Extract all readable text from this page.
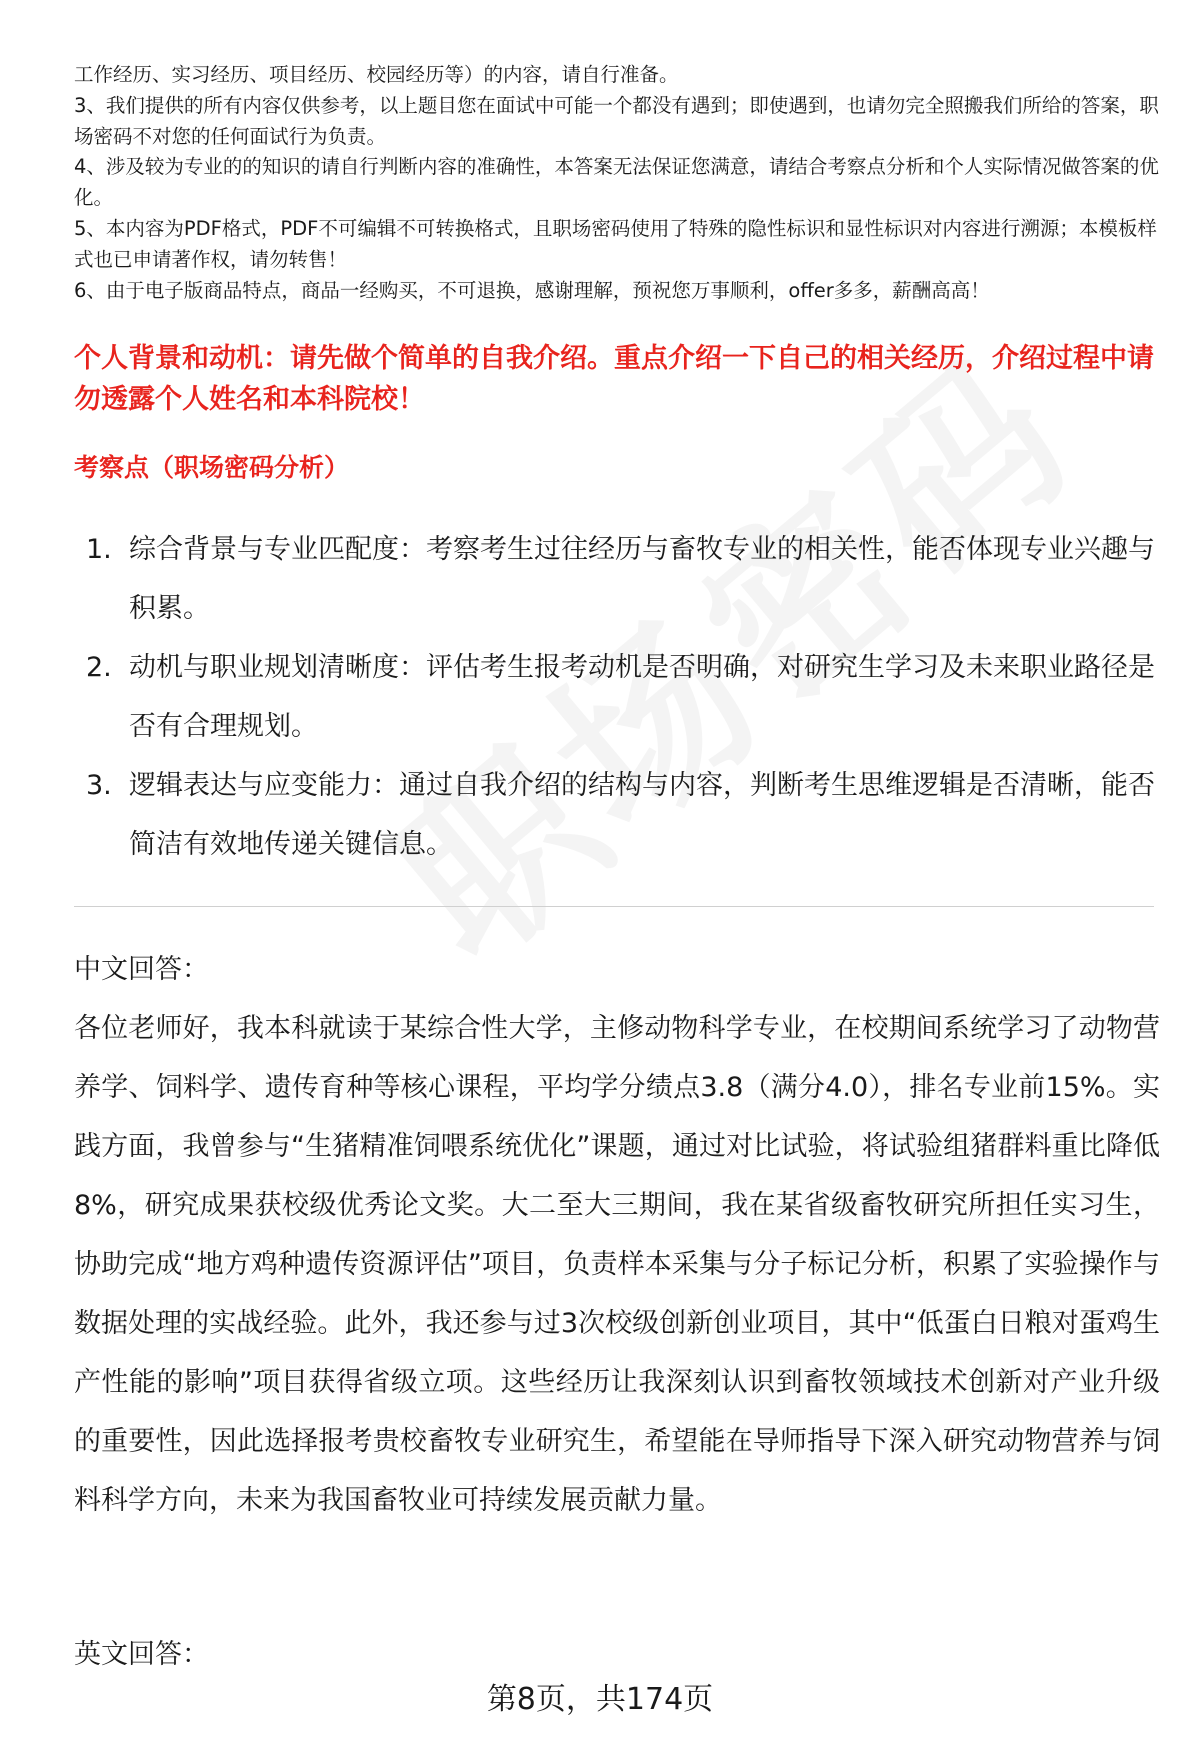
工作经历、实习经历、项目经历、校园经历等）的内容，请自行准备。

3、我们提供的所有内容仅供参考，以上题目您在面试中可能一个都没有遇到；即使遇到，也请勿完全照搬我们所给的答案，职场密码不对您的任何面试行为负责。

4、涉及较为专业的的知识的请自行判断内容的准确性，本答案无法保证您满意，请结合考察点分析和个人实际情况做答案的优化。

5、本内容为PDF格式，PDF不可编辑不可转换格式，且职场密码使用了特殊的隐性标识和显性标识对内容进行溯源；本模板样式也已申请著作权，请勿转售！

6、由于电子版商品特点，商品一经购买，不可退换，感谢理解，预祝您万事顺利，offer多多，薪酬高高！

个人背景和动机：请先做个简单的自我介绍。重点介绍一下自己的相关经历，介绍过程中请勿透露个人姓名和本科院校！

考察点（职场密码分析）

1. 综合背景与专业匹配度：考察考生过往经历与畜牧专业的相关性，能否体现专业兴趣与积累。
2. 动机与职业规划清晰度：评估考生报考动机是否明确，对研究生学习及未来职业路径是否有合理规划。
3. 逻辑表达与应变能力：通过自我介绍的结构与内容，判断考生思维逻辑是否清晰，能否简洁有效地传递关键信息。

中文回答：

各位老师好，我本科就读于某综合性大学，主修动物科学专业，在校期间系统学习了动物营养学、饲料学、遗传育种等核心课程，平均学分绩点3.8（满分4.0），排名专业前15%。实践方面，我曾参与“生猪精准饲喂系统优化”课题，通过对比试验，将试验组猪群料重比降低8%，研究成果获校级优秀论文奖。大二至大三期间，我在某省级畜牧研究所担任实习生，协助完成“地方鸡种遗传资源评估”项目，负责样本采集与分子标记分析，积累了实验操作与数据处理的实战经验。此外，我还参与过3次校级创新创业项目，其中“低蛋白日粮对蛋鸡生产性能的影响”项目获得省级立项。这些经历让我深刻认识到畜牧领域技术创新对产业升级的重要性，因此选择报考贵校畜牧专业研究生，希望能在导师指导下深入研究动物营养与饲料科学方向，未来为我国畜牧业可持续发展贡献力量。

英文回答：

第8页，共174页
